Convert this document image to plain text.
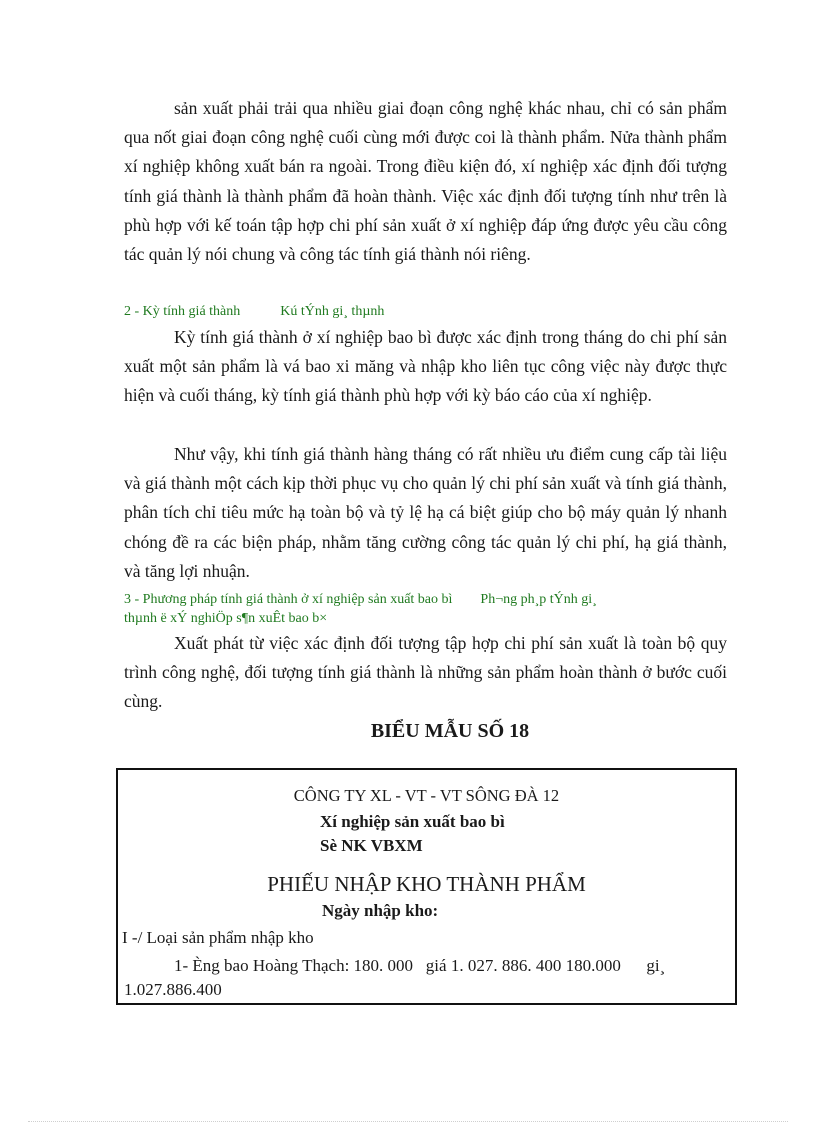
sản xuất phải trải qua nhiều giai đoạn công nghệ khác nhau, chỉ có sản phẩm qua nốt giai đoạn công nghệ cuối cùng mới được coi là thành phẩm. Nửa thành phẩm xí nghiệp không xuất bán ra ngoài. Trong điều kiện đó, xí nghiệp xác định đối tượng tính giá thành là thành phẩm đã hoàn thành. Việc xác định đối tượng tính như trên là phù hợp với kế toán tập hợp chi phí sản xuất ở xí nghiệp đáp ứng được yêu cầu công tác quản lý nói chung và công tác tính giá thành nói riêng.

2 - Kỳ tính giá thành	Kú tÝnh gi¸ thµnh

Kỳ tính giá thành ở xí nghiệp bao bì được xác định trong tháng do chi phí sản xuất một sản phẩm là vá bao xi măng và nhập kho liên tục công việc này được thực hiện và cuối tháng, kỳ tính giá thành phù hợp với kỳ báo cáo của xí nghiệp.

Như vậy, khi tính giá thành hàng tháng có rất nhiều ưu điểm cung cấp tài liệu và giá thành một cách kịp thời phục vụ cho quản lý chi phí sản xuất và tính giá thành, phân tích chỉ tiêu mức hạ toàn bộ và tỷ lệ hạ cá biệt giúp cho bộ máy quản lý nhanh chóng đề ra các biện pháp, nhằm tăng cường công tác quản lý chi phí, hạ giá thành, và tăng lợi nhuận.

3 - Phương pháp tính giá thành ở xí nghiệp sản xuất bao bì Ph¬ng ph¸p tÝnh gi¸
thµnh ë xÝ nghiÖp s¶n xuÊt bao b×

Xuất phát từ việc xác định đối tượng tập hợp chi phí sản xuất là toàn bộ quy trình công nghệ, đối tượng tính giá thành là những sản phẩm hoàn thành ở bước cuối cùng.

BIỂU MẪU SỐ 18

CÔNG TY XL - VT - VT SÔNG ĐÀ 12

Xí nghiệp sản xuất bao bì

Sè NK VBXM

PHIẾU NHẬP KHO THÀNH PHẨM

Ngày nhập kho:

I -/ Loại sản phẩm nhập kho

1- Èng bao Hoàng Thạch: 180. 000   giá 1. 027. 886. 400 180.000      gi¸

1.027.886.400
